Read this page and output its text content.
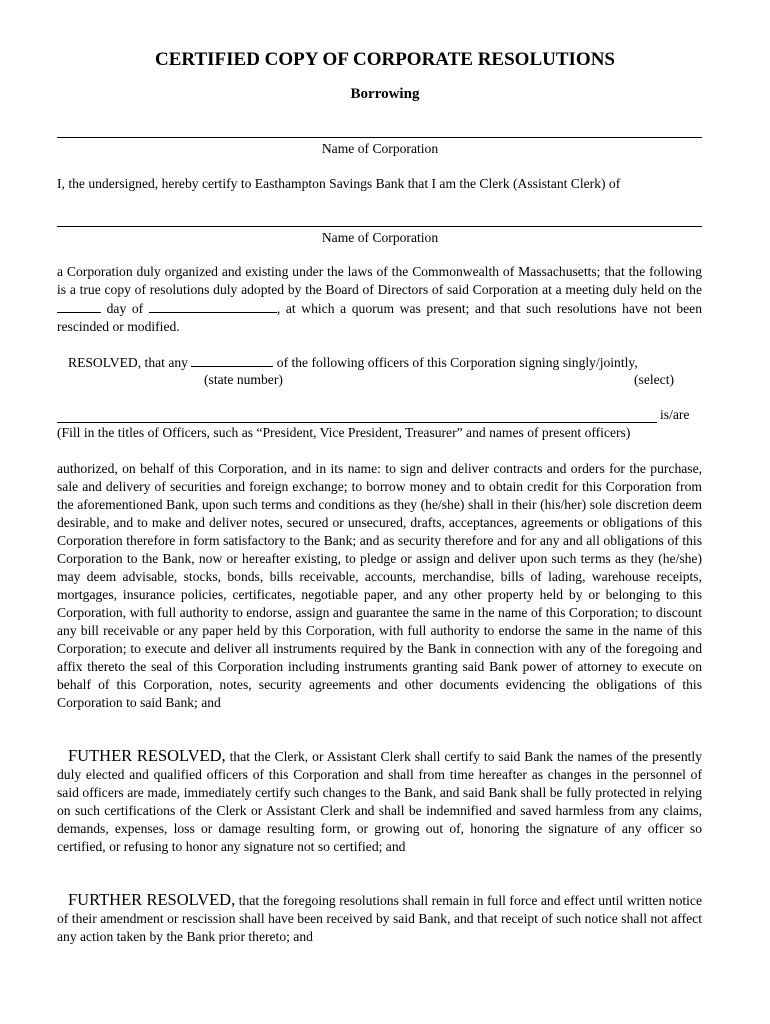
CERTIFIED COPY OF CORPORATE RESOLUTIONS
Borrowing
Name of Corporation

I, the undersigned, hereby certify to Easthampton Savings Bank that I am the Clerk (Assistant Clerk) of

Name of Corporation

a Corporation duly organized and existing under the laws of the Commonwealth of Massachusetts; that the following is a true copy of resolutions duly adopted by the Board of Directors of said Corporation at a meeting duly held on the  day of	, at which a quorum was present; and that such resolutions have not been rescinded or modified.

RESOLVED, that any	of the following officers of this Corporation signing singly/jointly,
(state number)	(select)
is/are
(Fill in the titles of Officers, such as “President, Vice President, Treasurer” and names of present officers)

authorized, on behalf of this Corporation, and in its name: to sign and deliver contracts and orders for the purchase, sale and delivery of securities and foreign exchange; to borrow money and to obtain credit for this Corporation from the aforementioned Bank, upon such terms and conditions as they (he/she) shall in their (his/her) sole discretion deem desirable, and to make and deliver notes, secured or unsecured, drafts, acceptances, agreements or obligations of this Corporation therefore in form satisfactory to the Bank; and as security therefore and for any and all obligations of this Corporation to the Bank, now or hereafter existing, to pledge or assign and deliver upon such terms as they (he/she) may deem advisable, stocks, bonds, bills receivable, accounts, merchandise, bills of lading, warehouse receipts, mortgages, insurance policies, certificates, negotiable paper, and any other property held by or belonging to this Corporation, with full authority to endorse, assign and guarantee the same in the name of this Corporation; to discount any bill receivable or any paper held by this Corporation, with full authority to endorse the same in the name of this Corporation; to execute and deliver all instruments required by the Bank in connection with any of the foregoing and affix thereto the seal of this Corporation including instruments granting said Bank power of attorney to execute on behalf of this Corporation, notes, security agreements and other documents evidencing the obligations of this Corporation to said Bank; and

FUTHER RESOLVED, that the Clerk, or Assistant Clerk shall certify to said Bank the names of the presently duly elected and qualified officers of this Corporation and shall from time hereafter as changes in the personnel of said officers are made, immediately certify such changes to the Bank, and said Bank shall be fully protected in relying on such certifications of the Clerk or Assistant Clerk and shall be indemnified and saved harmless from any claims, demands, expenses, loss or damage resulting form, or growing out of, honoring the signature of any officer so certified, or refusing to honor any signature not so certified; and

FURTHER RESOLVED, that the foregoing resolutions shall remain in full force and effect until written notice of their amendment or rescission shall have been received by said Bank, and that receipt of such notice shall not affect any action taken by the Bank prior thereto; and
